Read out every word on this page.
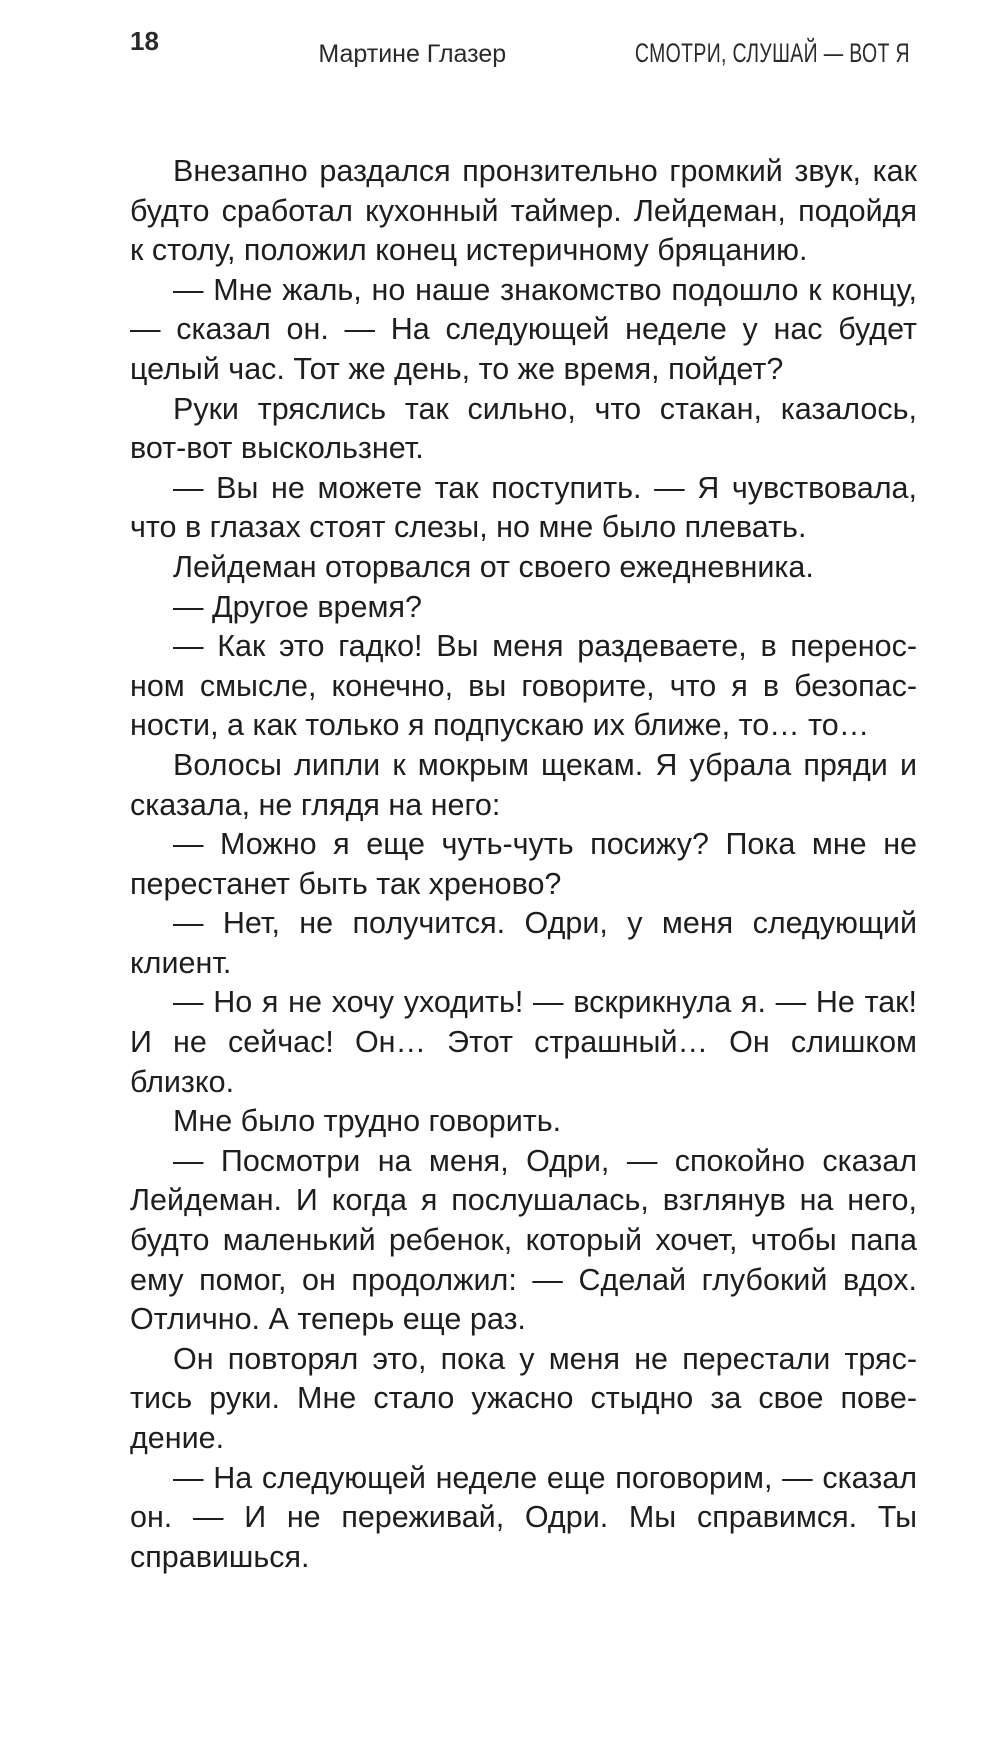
18	Мартине Глазер	СМОТРИ, СЛУШАЙ — ВОТ Я

Внезапно раздался пронзительно громкий звук, как будто сработал кухонный таймер. Лейдеман, подойдя к столу, положил конец истеричному бряцанию.

— Мне жаль, но наше знакомство подошло к концу, — сказал он. — На следующей неделе у нас будет целый час. Тот же день, то же время, пойдет?

Руки тряслись так сильно, что стакан, казалось, вот-вот выскользнет.

— Вы не можете так поступить. — Я чувствовала, что в глазах стоят слезы, но мне было плевать.

Лейдеман оторвался от своего ежедневника.

— Другое время?

— Как это гадко! Вы меня раздеваете, в переносном смысле, конечно, вы говорите, что я в безопасности, а как только я подпускаю их ближе, то… то…

Волосы липли к мокрым щекам. Я убрала пряди и сказала, не глядя на него:

— Можно я еще чуть-чуть посижу? Пока мне не перестанет быть так хреново?

— Нет, не получится. Одри, у меня следующий клиент.

— Но я не хочу уходить! — вскрикнула я. — Не так! И не сейчас! Он… Этот страшный… Он слишком близко.

Мне было трудно говорить.

— Посмотри на меня, Одри, — спокойно сказал Лейдеман. И когда я послушалась, взглянув на него, будто маленький ребенок, который хочет, чтобы папа ему помог, он продолжил: — Сделай глубокий вдох. Отлично. А теперь еще раз.

Он повторял это, пока у меня не перестали трястись руки. Мне стало ужасно стыдно за свое поведение.

— На следующей неделе еще поговорим, — сказал он. — И не переживай, Одри. Мы справимся. Ты справишься.
